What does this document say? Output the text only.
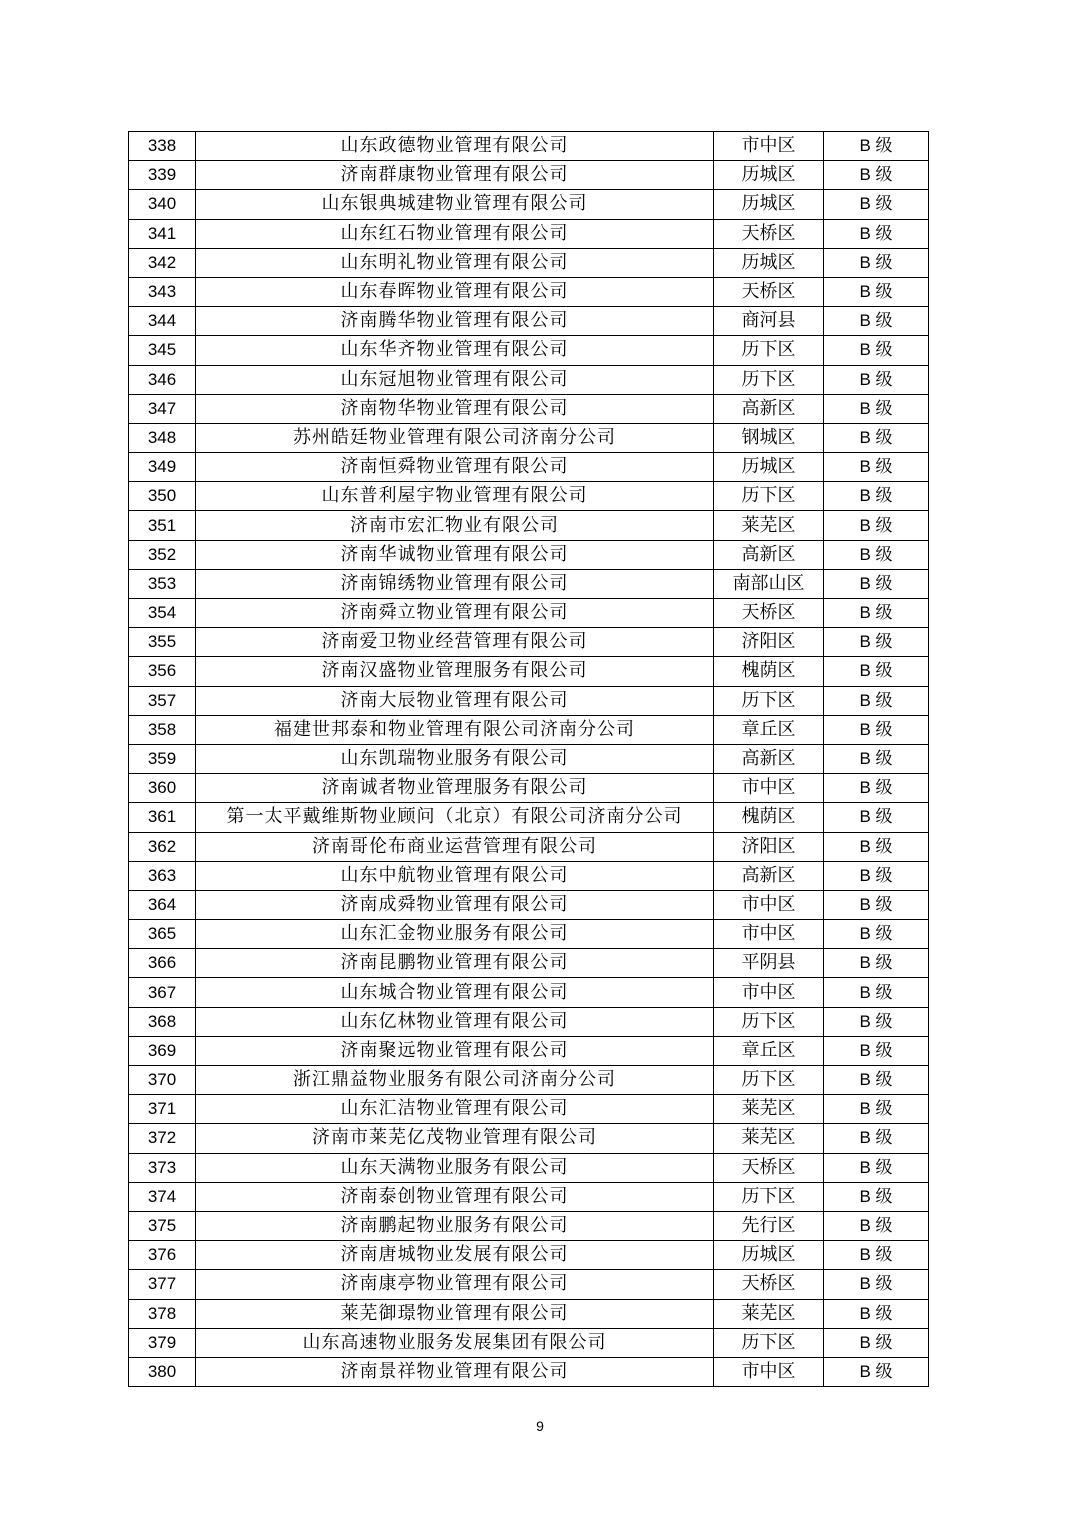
338	山东政德物业管理有限公司	市中区	B 级
339	济南群康物业管理有限公司	历城区	B 级
340	山东银典城建物业管理有限公司	历城区	B 级
341	山东红石物业管理有限公司	天桥区	B 级
342	山东明礼物业管理有限公司	历城区	B 级
343	山东春晖物业管理有限公司	天桥区	B 级
344	济南腾华物业管理有限公司	商河县	B 级
345	山东华齐物业管理有限公司	历下区	B 级
346	山东冠旭物业管理有限公司	历下区	B 级
347	济南物华物业管理有限公司	高新区	B 级
348	苏州皓廷物业管理有限公司济南分公司	钢城区	B 级
349	济南恒舜物业管理有限公司	历城区	B 级
350	山东普利屋宇物业管理有限公司	历下区	B 级
351	济南市宏汇物业有限公司	莱芜区	B 级
352	济南华诚物业管理有限公司	高新区	B 级
353	济南锦绣物业管理有限公司	南部山区	B 级
354	济南舜立物业管理有限公司	天桥区	B 级
355	济南爱卫物业经营管理有限公司	济阳区	B 级
356	济南汉盛物业管理服务有限公司	槐荫区	B 级
357	济南大辰物业管理有限公司	历下区	B 级
358	福建世邦泰和物业管理有限公司济南分公司	章丘区	B 级
359	山东凯瑞物业服务有限公司	高新区	B 级
360	济南诚者物业管理服务有限公司	市中区	B 级
361	第一太平戴维斯物业顾问（北京）有限公司济南分公司	槐荫区	B 级
362	济南哥伦布商业运营管理有限公司	济阳区	B 级
363	山东中航物业管理有限公司	高新区	B 级
364	济南成舜物业管理有限公司	市中区	B 级
365	山东汇金物业服务有限公司	市中区	B 级
366	济南昆鹏物业管理有限公司	平阴县	B 级
367	山东城合物业管理有限公司	市中区	B 级
368	山东亿林物业管理有限公司	历下区	B 级
369	济南聚远物业管理有限公司	章丘区	B 级
370	浙江鼎益物业服务有限公司济南分公司	历下区	B 级
371	山东汇洁物业管理有限公司	莱芜区	B 级
372	济南市莱芜亿茂物业管理有限公司	莱芜区	B 级
373	山东天满物业服务有限公司	天桥区	B 级
374	济南泰创物业管理有限公司	历下区	B 级
375	济南鹏起物业服务有限公司	先行区	B 级
376	济南唐城物业发展有限公司	历城区	B 级
377	济南康亭物业管理有限公司	天桥区	B 级
378	莱芜御璟物业管理有限公司	莱芜区	B 级
379	山东高速物业服务发展集团有限公司	历下区	B 级
380	济南景祥物业管理有限公司	市中区	B 级
9
